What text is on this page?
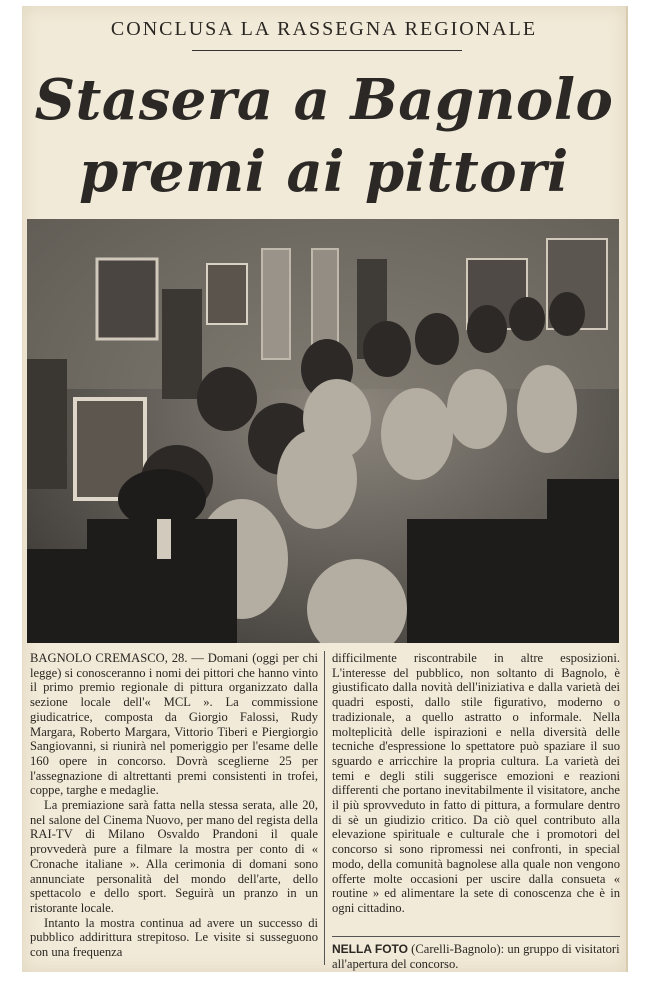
CONCLUSA LA RASSEGNA REGIONALE
Stasera a Bagnolo
premi ai pittori

BAGNOLO CREMASCO, 28. — Domani (oggi per chi legge) si conosceranno i nomi dei pittori che hanno vinto il primo premio regionale di pittura organizzato dalla sezione locale dell'« MCL ». La commissione giudicatrice, composta da Giorgio Falossi, Rudy Margara, Roberto Margara, Vittorio Tiberi e Piergiorgio Sangiovanni, si riunirà nel pomeriggio per l'esame delle 160 opere in concorso. Dovrà sceglierne 25 per l'assegnazione di altrettanti premi consistenti in trofei, coppe, targhe e medaglie.

La premiazione sarà fatta nella stessa serata, alle 20, nel salone del Cinema Nuovo, per mano del regista della RAI-TV di Milano Osvaldo Prandoni il quale provvederà pure a filmare la mostra per conto di « Cronache italiane ». Alla cerimonia di domani sono annunciate personalità del mondo dell'arte, dello spettacolo e dello sport. Seguirà un pranzo in un ristorante locale.

Intanto la mostra continua ad avere un successo di pubblico addirittura strepitoso. Le visite si susseguono con una frequenza

difficilmente riscontrabile in altre esposizioni. L'interesse del pubblico, non soltanto di Bagnolo, è giustificato dalla novità dell'iniziativa e dalla varietà dei quadri esposti, dallo stile figurativo, moderno o tradizionale, a quello astratto o informale. Nella molteplicità delle ispirazioni e nella diversità delle tecniche d'espressione lo spettatore può spaziare il suo sguardo e arricchire la propria cultura. La varietà dei temi e degli stili suggerisce emozioni e reazioni differenti che portano inevitabilmente il visitatore, anche il più sprovveduto in fatto di pittura, a formulare dentro di sè un giudizio critico. Da ciò quel contributo alla elevazione spirituale e culturale che i promotori del concorso si sono ripromessi nei confronti, in special modo, della comunità bagnolese alla quale non vengono offerte molte occasioni per uscire dalla consueta « routine » ed alimentare la sete di conoscenza che è in ogni cittadino.

NELLA FOTO (Carelli-Bagnolo): un gruppo di visitatori all'apertura del concorso.
